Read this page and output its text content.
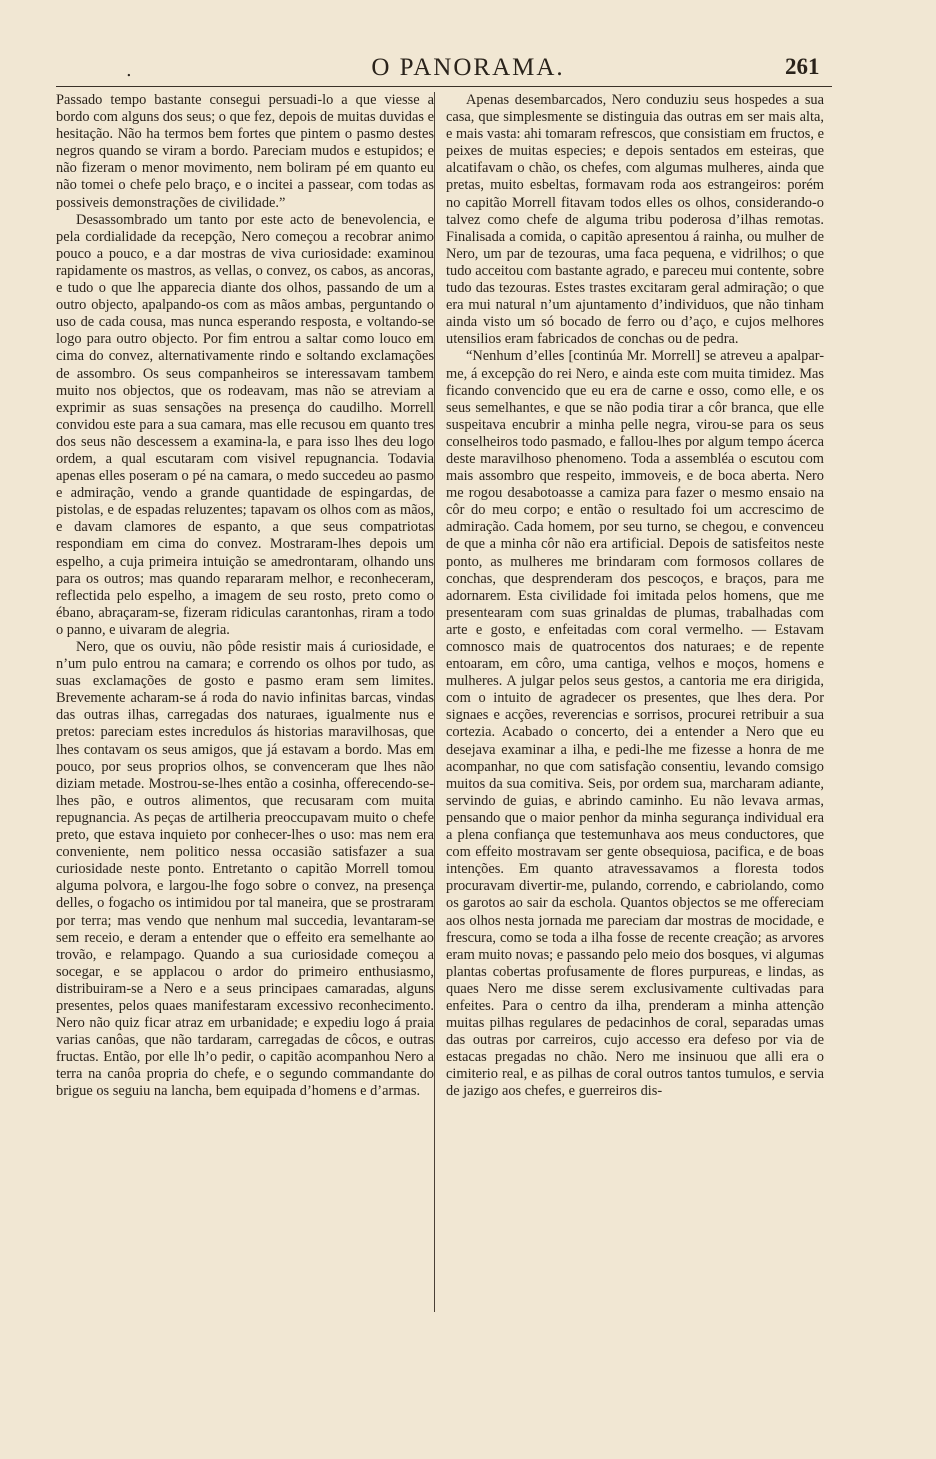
.	O PANORAMA.	261

Passado tempo bastante consegui persuadi-lo a que viesse a bordo com alguns dos seus; o que fez, depois de muitas duvidas e hesitação. Não ha termos bem fortes que pintem o pasmo destes negros quando se viram a bordo. Pareciam mudos e estupidos; e não fizeram o menor movimento, nem boliram pé em quanto eu não tomei o chefe pelo braço, e o incitei a passear, com todas as possiveis demonstrações de civilidade.”

Desassombrado um tanto por este acto de benevolencia, e pela cordialidade da recepção, Nero começou a recobrar animo pouco a pouco, e a dar mostras de viva curiosidade: examinou rapidamente os mastros, as vellas, o convez, os cabos, as ancoras, e tudo o que lhe apparecia diante dos olhos, passando de um a outro objecto, apalpando-os com as mãos ambas, perguntando o uso de cada cousa, mas nunca esperando resposta, e voltando-se logo para outro objecto. Por fim entrou a saltar como louco em cima do convez, alternativamente rindo e soltando exclamações de assombro. Os seus companheiros se interessavam tambem muito nos objectos, que os rodeavam, mas não se atreviam a exprimir as suas sensações na presença do caudilho. Morrell convidou este para a sua camara, mas elle recusou em quanto tres dos seus não descessem a examina-la, e para isso lhes deu logo ordem, a qual escutaram com visivel repugnancia. Todavia apenas elles poseram o pé na camara, o medo succedeu ao pasmo e admiração, vendo a grande quantidade de espingardas, de pistolas, e de espadas reluzentes; tapavam os olhos com as mãos, e davam clamores de espanto, a que seus compatriotas respondiam em cima do convez. Mostraram-lhes depois um espelho, a cuja primeira intuição se amedrontaram, olhando uns para os outros; mas quando repararam melhor, e reconheceram, reflectida pelo espelho, a imagem de seu rosto, preto como o ébano, abraçaram-se, fizeram ridiculas carantonhas, riram a todo o panno, e uivaram de alegria.

Nero, que os ouviu, não pôde resistir mais á curiosidade, e n’um pulo entrou na camara; e correndo os olhos por tudo, as suas exclamações de gosto e pasmo eram sem limites. Brevemente acharam-se á roda do navio infinitas barcas, vindas das outras ilhas, carregadas dos naturaes, igualmente nus e pretos: pareciam estes incredulos ás historias maravilhosas, que lhes contavam os seus amigos, que já estavam a bordo. Mas em pouco, por seus proprios olhos, se convenceram que lhes não diziam metade. Mostrou-se-lhes então a cosinha, offerecendo-se-lhes pão, e outros alimentos, que recusaram com muita repugnancia. As peças de artilheria preoccupavam muito o chefe preto, que estava inquieto por conhecer-lhes o uso: mas nem era conveniente, nem politico nessa occasião satisfazer a sua curiosidade neste ponto. Entretanto o capitão Morrell tomou alguma polvora, e largou-lhe fogo sobre o convez, na presença delles, o fogacho os intimidou por tal maneira, que se prostraram por terra; mas vendo que nenhum mal succedia, levantaram-se sem receio, e deram a entender que o effeito era semelhante ao trovão, e relampago. Quando a sua curiosidade começou a socegar, e se applacou o ardor do primeiro enthusiasmo, distribuiram-se a Nero e a seus principaes camaradas, alguns presentes, pelos quaes manifestaram excessivo reconhecimento. Nero não quiz ficar atraz em urbanidade; e expediu logo á praia varias canôas, que não tardaram, carregadas de côcos, e outras fructas. Então, por elle lh’o pedir, o capitão acompanhou Nero a terra na canôa propria do chefe, e o segundo commandante do brigue os seguiu na lancha, bem equipada d’homens e d’armas.

Apenas desembarcados, Nero conduziu seus hospedes a sua casa, que simplesmente se distinguia das outras em ser mais alta, e mais vasta: ahi tomaram refrescos, que consistiam em fructos, e peixes de muitas especies; e depois sentados em esteiras, que alcatifavam o chão, os chefes, com algumas mulheres, ainda que pretas, muito esbeltas, formavam roda aos estrangeiros: porém no capitão Morrell fitavam todos elles os olhos, considerando-o talvez como chefe de alguma tribu poderosa d’ilhas remotas. Finalisada a comida, o capitão apresentou á rainha, ou mulher de Nero, um par de tezouras, uma faca pequena, e vidrilhos; o que tudo acceitou com bastante agrado, e pareceu mui contente, sobre tudo das tezouras. Estes trastes excitaram geral admiração; o que era mui natural n’um ajuntamento d’individuos, que não tinham ainda visto um só bocado de ferro ou d’aço, e cujos melhores utensilios eram fabricados de conchas ou de pedra.

“Nenhum d’elles [continúa Mr. Morrell] se atreveu a apalpar-me, á excepção do rei Nero, e ainda este com muita timidez. Mas ficando convencido que eu era de carne e osso, como elle, e os seus semelhantes, e que se não podia tirar a côr branca, que elle suspeitava encubrir a minha pelle negra, virou-se para os seus conselheiros todo pasmado, e fallou-lhes por algum tempo ácerca deste maravilhoso phenomeno. Toda a assembléa o escutou com mais assombro que respeito, immoveis, e de boca aberta. Nero me rogou desabotoasse a camiza para fazer o mesmo ensaio na côr do meu corpo; e então o resultado foi um accrescimo de admiração. Cada homem, por seu turno, se chegou, e convenceu de que a minha côr não era artificial. Depois de satisfeitos neste ponto, as mulheres me brindaram com formosos collares de conchas, que desprenderam dos pescoços, e braços, para me adornarem. Esta civilidade foi imitada pelos homens, que me presentearam com suas grinaldas de plumas, trabalhadas com arte e gosto, e enfeitadas com coral vermelho. — Estavam comnosco mais de quatrocentos dos naturaes; e de repente entoaram, em côro, uma cantiga, velhos e moços, homens e mulheres. A julgar pelos seus gestos, a cantoria me era dirigida, com o intuito de agradecer os presentes, que lhes dera. Por signaes e acções, reverencias e sorrisos, procurei retribuir a sua cortezia. Acabado o concerto, dei a entender a Nero que eu desejava examinar a ilha, e pedi-lhe me fizesse a honra de me acompanhar, no que com satisfação consentiu, levando comsigo muitos da sua comitiva. Seis, por ordem sua, marcharam adiante, servindo de guias, e abrindo caminho. Eu não levava armas, pensando que o maior penhor da minha segurança individual era a plena confiança que testemunhava aos meus conductores, que com effeito mostravam ser gente obsequiosa, pacifica, e de boas intenções. Em quanto atravessavamos a floresta todos procuravam divertir-me, pulando, correndo, e cabriolando, como os garotos ao sair da escholа. Quantos objectos se me offereciam aos olhos nesta jornada me pareciam dar mostras de mocidade, e frescura, como se toda a ilha fosse de recente creação; as arvores eram muito novas; e passando pelo meio dos bosques, vi algumas plantas cobertas profusamente de flores purpureas, e lindas, as quaes Nero me disse serem exclusivamente cultivadas para enfeites. Para o centro da ilha, prenderam a minha attenção muitas pilhas regulares de pedacinhos de coral, separadas umas das outras por carreiros, cujo accesso era defeso por via de estacas pregadas no chão. Nero me insinuou que alli era o cimiterio real, e as pilhas de coral outros tantos tumulos, e servia de jazigo aos chefes, e guerreiros dis-
